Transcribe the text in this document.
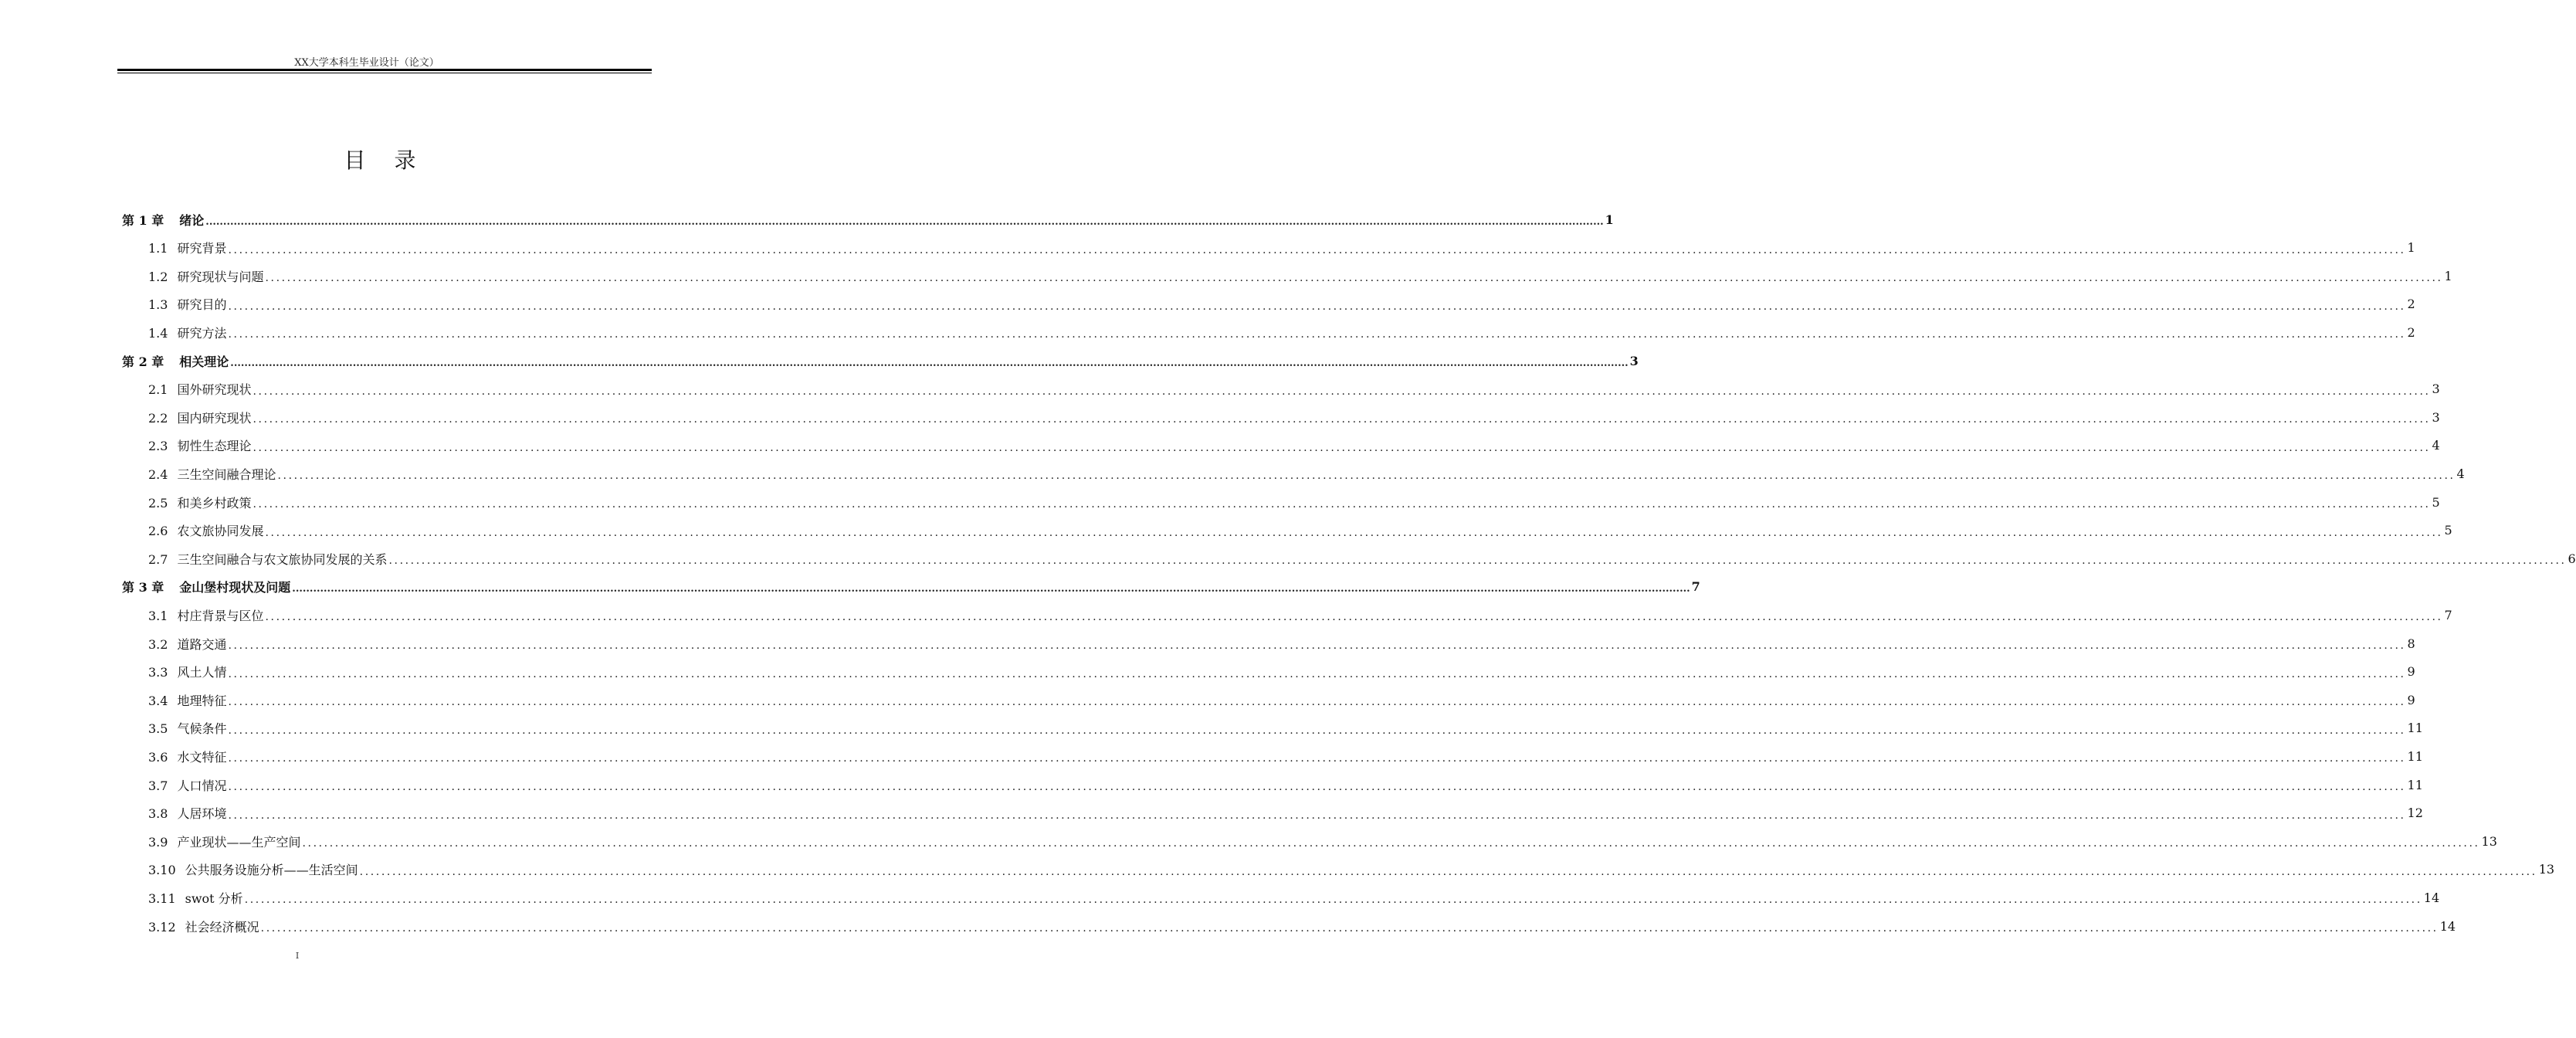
XX大学本科生毕业设计（论文）
目 录
第 1 章 绪论 ................................................................................................................................................................................................................................................................................................................................................................................................................ 1
1.1 研究背景 ................................................................................................................................................................................................................................................................................................................................................................................................................ 1
1.2 研究现状与问题 ................................................................................................................................................................................................................................................................................................................................................................................................................ 1
1.3 研究目的 ................................................................................................................................................................................................................................................................................................................................................................................................................ 2
1.4 研究方法 ................................................................................................................................................................................................................................................................................................................................................................................................................ 2
第 2 章 相关理论 ................................................................................................................................................................................................................................................................................................................................................................................................................ 3
2.1 国外研究现状 ................................................................................................................................................................................................................................................................................................................................................................................................................ 3
2.2 国内研究现状 ................................................................................................................................................................................................................................................................................................................................................................................................................ 3
2.3 韧性生态理论 ................................................................................................................................................................................................................................................................................................................................................................................................................ 4
2.4 三生空间融合理论 ................................................................................................................................................................................................................................................................................................................................................................................................................ 4
2.5 和美乡村政策 ................................................................................................................................................................................................................................................................................................................................................................................................................ 5
2.6 农文旅协同发展 ................................................................................................................................................................................................................................................................................................................................................................................................................ 5
2.7 三生空间融合与农文旅协同发展的关系 ................................................................................................................................................................................................................................................................................................................................................................................................................ 6
第 3 章 金山堡村现状及问题 ................................................................................................................................................................................................................................................................................................................................................................................................................ 7
3.1 村庄背景与区位 ................................................................................................................................................................................................................................................................................................................................................................................................................ 7
3.2 道路交通 ................................................................................................................................................................................................................................................................................................................................................................................................................ 8
3.3 风土人情 ................................................................................................................................................................................................................................................................................................................................................................................................................ 9
3.4 地理特征 ................................................................................................................................................................................................................................................................................................................................................................................................................ 9
3.5 气候条件 ................................................................................................................................................................................................................................................................................................................................................................................................................ 11
3.6 水文特征 ................................................................................................................................................................................................................................................................................................................................................................................................................ 11
3.7 人口情况 ................................................................................................................................................................................................................................................................................................................................................................................................................ 11
3.8 人居环境 ................................................................................................................................................................................................................................................................................................................................................................................................................ 12
3.9 产业现状——生产空间 ................................................................................................................................................................................................................................................................................................................................................................................................................ 13
3.10 公共服务设施分析——生活空间 ................................................................................................................................................................................................................................................................................................................................................................................................................ 13
3.11 swot 分析 ................................................................................................................................................................................................................................................................................................................................................................................................................ 14
3.12 社会经济概况 ................................................................................................................................................................................................................................................................................................................................................................................................................ 14
I
